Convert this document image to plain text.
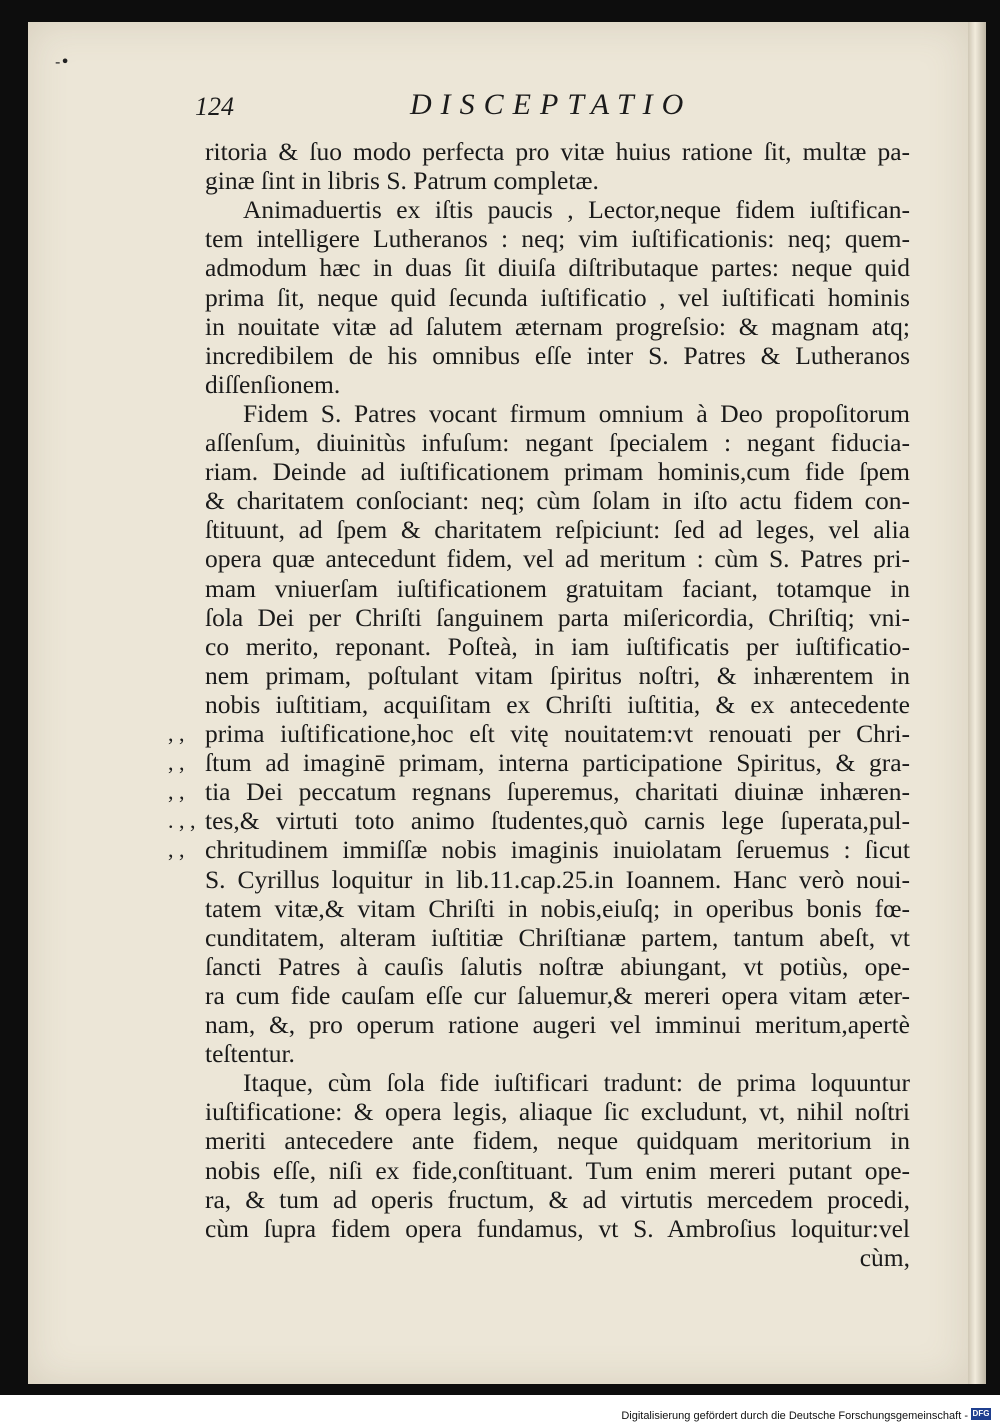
-•
124	DISCEPTATIO
ritoria & ſuo modo perfecta pro vitæ huius ratione ſit, multæ pa-
ginæ ſint in libris S. Patrum completæ.
Animaduertis ex iſtis paucis , Lector,neque fidem iuſtifican-
tem intelligere Lutheranos : neq; vim iuſtificationis: neq; quem-
admodum hæc in duas ſit diuiſa diſtributaque partes: neque quid
prima ſit, neque quid ſecunda iuſtificatio , vel iuſtificati hominis
in nouitate vitæ ad ſalutem æternam progreſsio: & magnam atq;
incredibilem de his omnibus eſſe inter S. Patres & Lutheranos
diſſenſionem.
Fidem S. Patres vocant firmum omnium à Deo propoſitorum
aſſenſum, diuinitùs infuſum: negant ſpecialem : negant fiducia-
riam. Deinde ad iuſtificationem primam hominis,cum fide ſpem
& charitatem conſociant: neq; cùm ſolam in iſto actu fidem con-
ſtituunt, ad ſpem & charitatem reſpiciunt: ſed ad leges, vel alia
opera quæ antecedunt fidem, vel ad meritum : cùm S. Patres pri-
mam vniuerſam iuſtificationem gratuitam faciant, totamque in
ſola Dei per Chriſti ſanguinem parta miſericordia, Chriſtiq; vni-
co merito, reponant. Poſteà, in iam iuſtificatis per iuſtificatio-
nem primam, poſtulant vitam ſpiritus noſtri, & inhærentem in
nobis iuſtitiam, acquiſitam ex Chriſti iuſtitia, & ex antecedente
prima iuſtificatione,hoc eſt vitę nouitatem:vt renouati per Chri-
, ,
ſtum ad imaginē primam, interna participatione Spiritus, & gra-
, ,
tia Dei peccatum regnans ſuperemus, charitati diuinæ inhæren-
, ,
tes,& virtuti toto animo ſtudentes,quò carnis lege ſuperata,pul-
. , ,
chritudinem immiſſæ nobis imaginis inuiolatam ſeruemus : ſicut
, ,
S. Cyrillus loquitur in lib.11.cap.25.in Ioannem. Hanc verò noui-
tatem vitæ,& vitam Chriſti in nobis,eiuſq; in operibus bonis fœ-
cunditatem, alteram iuſtitiæ Chriſtianæ partem, tantum abeſt, vt
ſancti Patres à cauſis ſalutis noſtræ abiungant, vt potiùs, ope-
ra cum fide cauſam eſſe cur ſaluemur,& mereri opera vitam æter-
nam, &, pro operum ratione augeri vel imminui meritum,apertè
teſtentur.
Itaque, cùm ſola fide iuſtificari tradunt: de prima loquuntur
iuſtificatione: & opera legis, aliaque ſic excludunt, vt, nihil noſtri
meriti antecedere ante fidem, neque quidquam meritorium in
nobis eſſe, niſi ex fide,conſtituant. Tum enim mereri putant ope-
ra, & tum ad operis fructum, & ad virtutis mercedem procedi,
cùm ſupra fidem opera fundamus, vt S. Ambroſius loquitur:vel
cùm,
Digitalisierung gefördert durch die Deutsche Forschungsgemeinschaft - DFG
